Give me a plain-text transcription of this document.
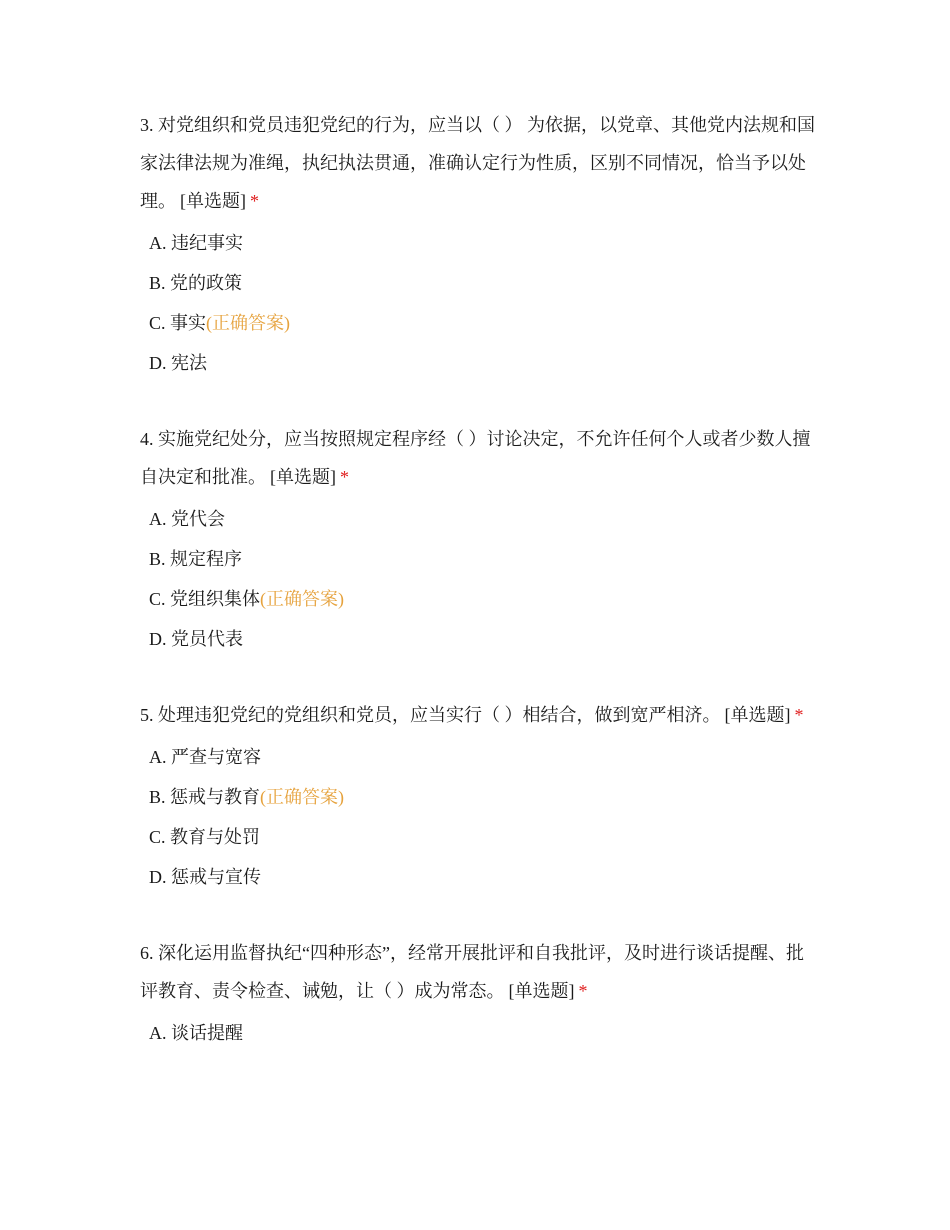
3. 对党组织和党员违犯党纪的行为，应当以（ ） 为依据，以党章、其他党内法规和国家法律法规为准绳，执纪执法贯通，准确认定行为性质，区别不同情况，恰当予以处理。 [单选题] *

A. 违纪事实
B. 党的政策
C. 事实(正确答案)
D. 宪法

4. 实施党纪处分，应当按照规定程序经（ ）讨论决定，不允许任何个人或者少数人擅自决定和批准。 [单选题] *

A. 党代会
B. 规定程序
C. 党组织集体(正确答案)
D. 党员代表

5. 处理违犯党纪的党组织和党员，应当实行（ ）相结合，做到宽严相济。 [单选题] *

A. 严查与宽容
B. 惩戒与教育(正确答案)
C. 教育与处罚
D. 惩戒与宣传

6. 深化运用监督执纪“四种形态”，经常开展批评和自我批评，及时进行谈话提醒、批评教育、责令检查、诫勉，让（ ）成为常态。 [单选题] *

A. 谈话提醒
